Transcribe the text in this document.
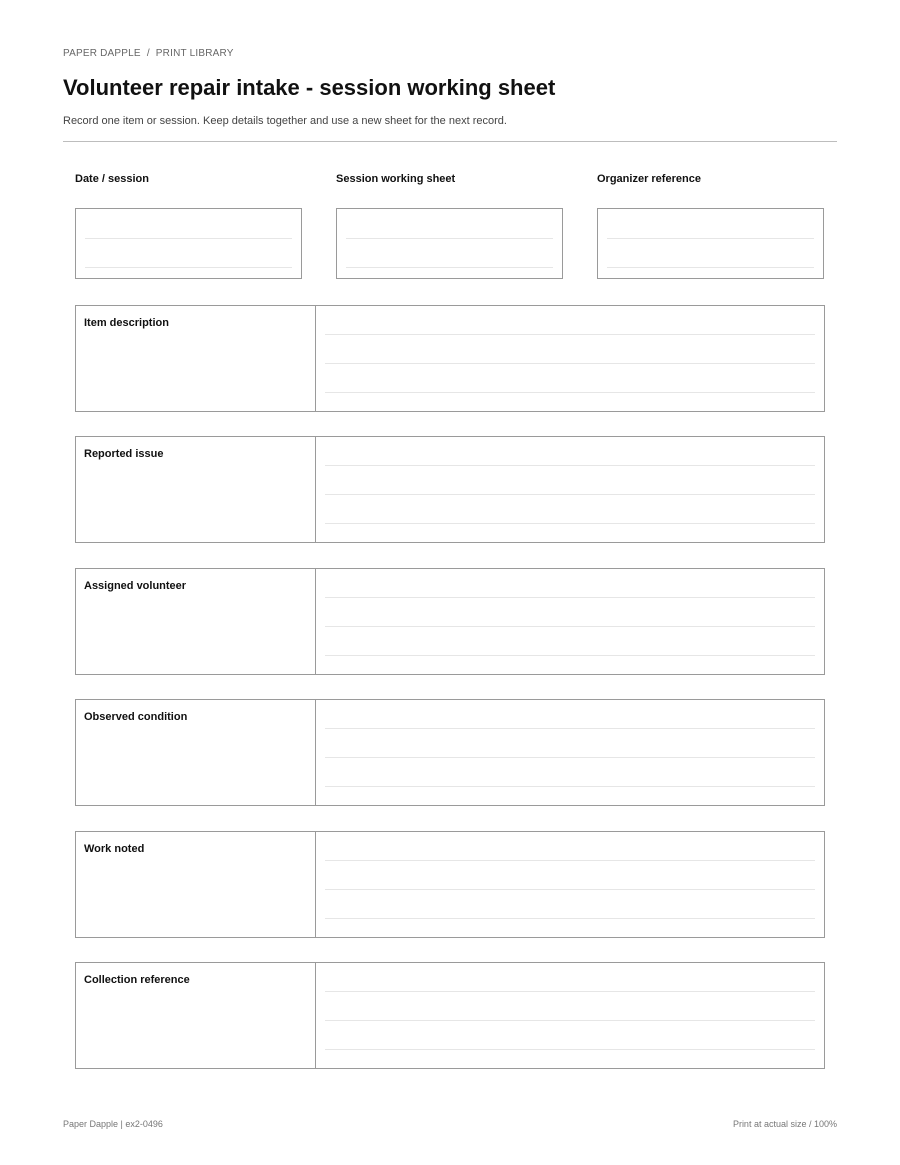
PAPER DAPPLE / PRINT LIBRARY
Volunteer repair intake - session working sheet
Record one item or session. Keep details together and use a new sheet for the next record.
Date / session	Session working sheet	Organizer reference
Item description
Reported issue
Assigned volunteer
Observed condition
Work noted
Collection reference
Paper Dapple | ex2-0496	Print at actual size / 100%
